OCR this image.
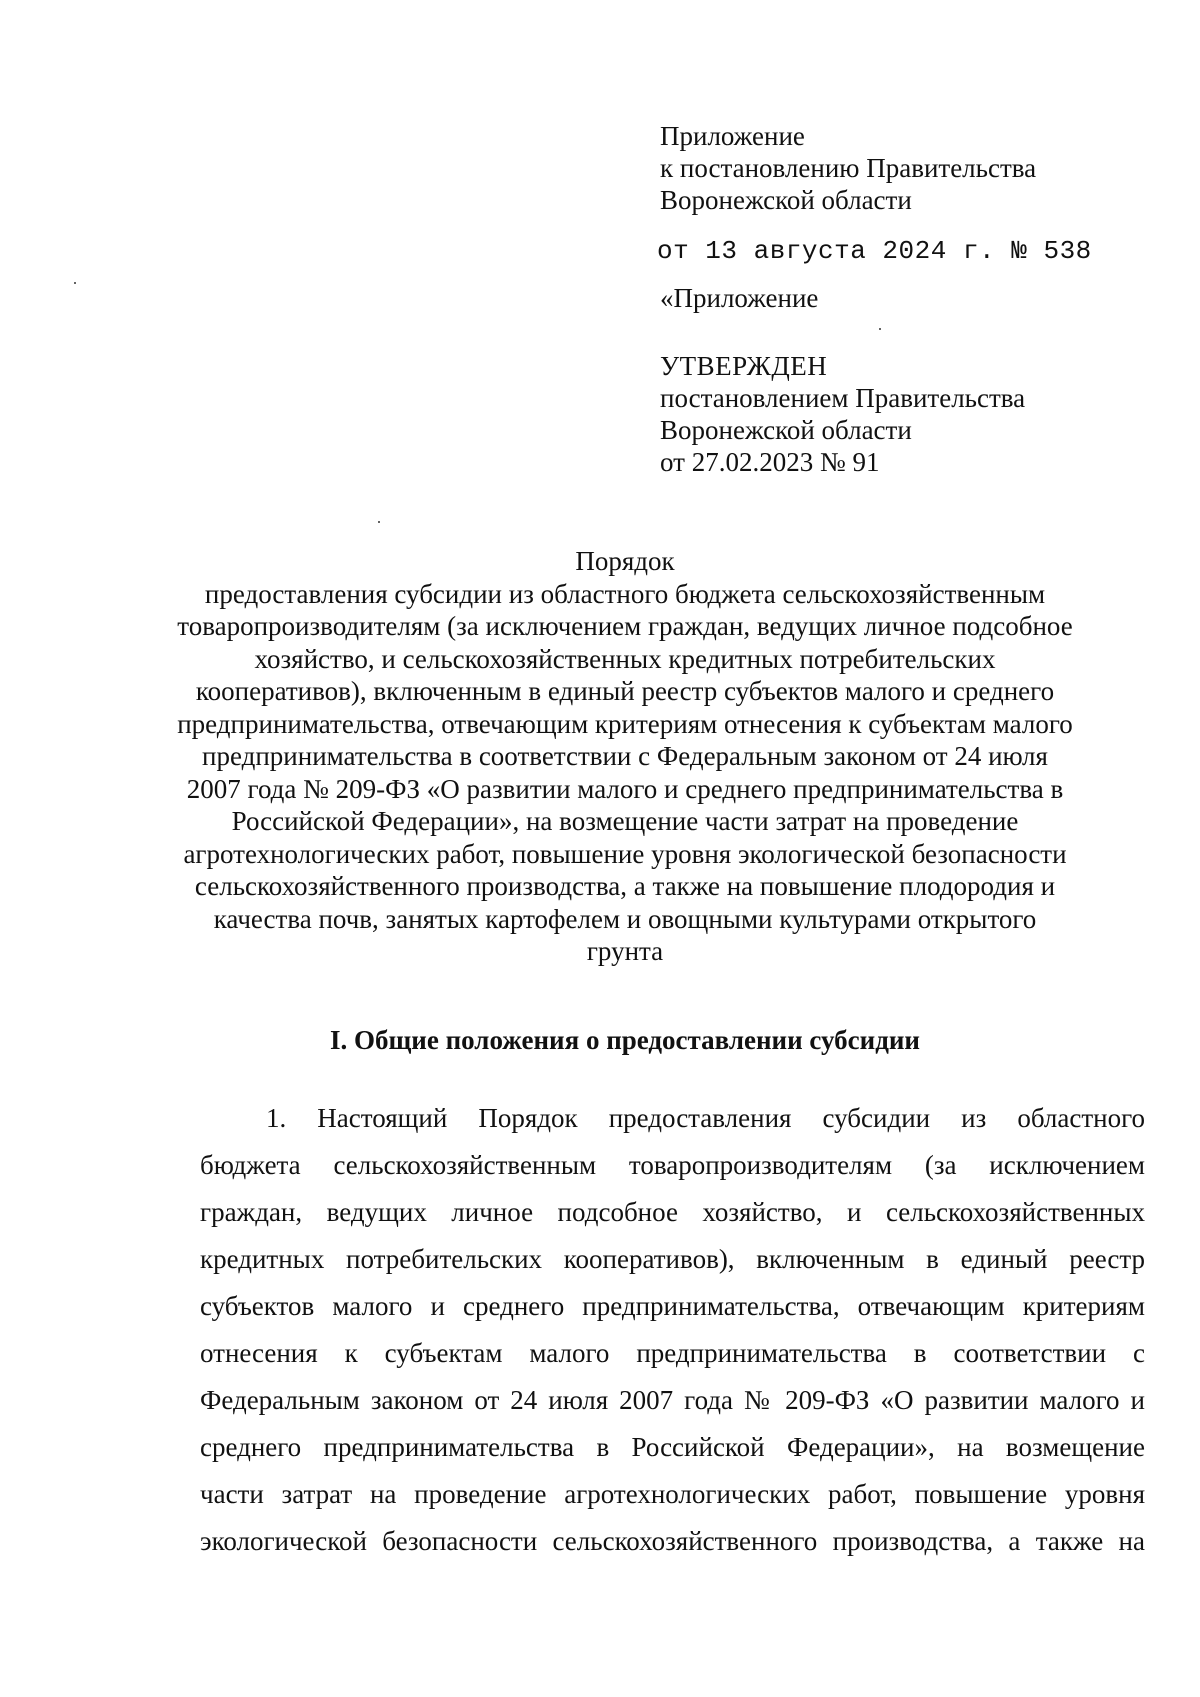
Приложение
к постановлению Правительства
Воронежской области
от 13 августа 2024 г. № 538
«Приложение
УТВЕРЖДЕН
постановлением Правительства
Воронежской области
от 27.02.2023 № 91
Порядок
предоставления субсидии из областного бюджета сельскохозяйственным
товаропроизводителям (за исключением граждан, ведущих личное подсобное
хозяйство, и сельскохозяйственных кредитных потребительских
кооперативов), включенным в единый реестр субъектов малого и среднего
предпринимательства, отвечающим критериям отнесения к субъектам малого
предпринимательства в соответствии с Федеральным законом от 24 июля
2007 года № 209-ФЗ «О развитии малого и среднего предпринимательства в
Российской Федерации», на возмещение части затрат на проведение
агротехнологических работ, повышение уровня экологической безопасности
сельскохозяйственного производства, а также на повышение плодородия и
качества почв, занятых картофелем и овощными культурами открытого
грунта
I. Общие положения о предоставлении субсидии
1. Настоящий Порядок предоставления субсидии из областного
бюджета сельскохозяйственным товаропроизводителям (за исключением
граждан, ведущих личное подсобное хозяйство, и сельскохозяйственных
кредитных потребительских кооперативов), включенным в единый реестр
субъектов малого и среднего предпринимательства, отвечающим критериям
отнесения к субъектам малого предпринимательства в соответствии с
Федеральным законом от 24 июля 2007 года № 209-ФЗ «О развитии малого и
среднего предпринимательства в Российской Федерации», на возмещение
части затрат на проведение агротехнологических работ, повышение уровня
экологической безопасности сельскохозяйственного производства, а также на
